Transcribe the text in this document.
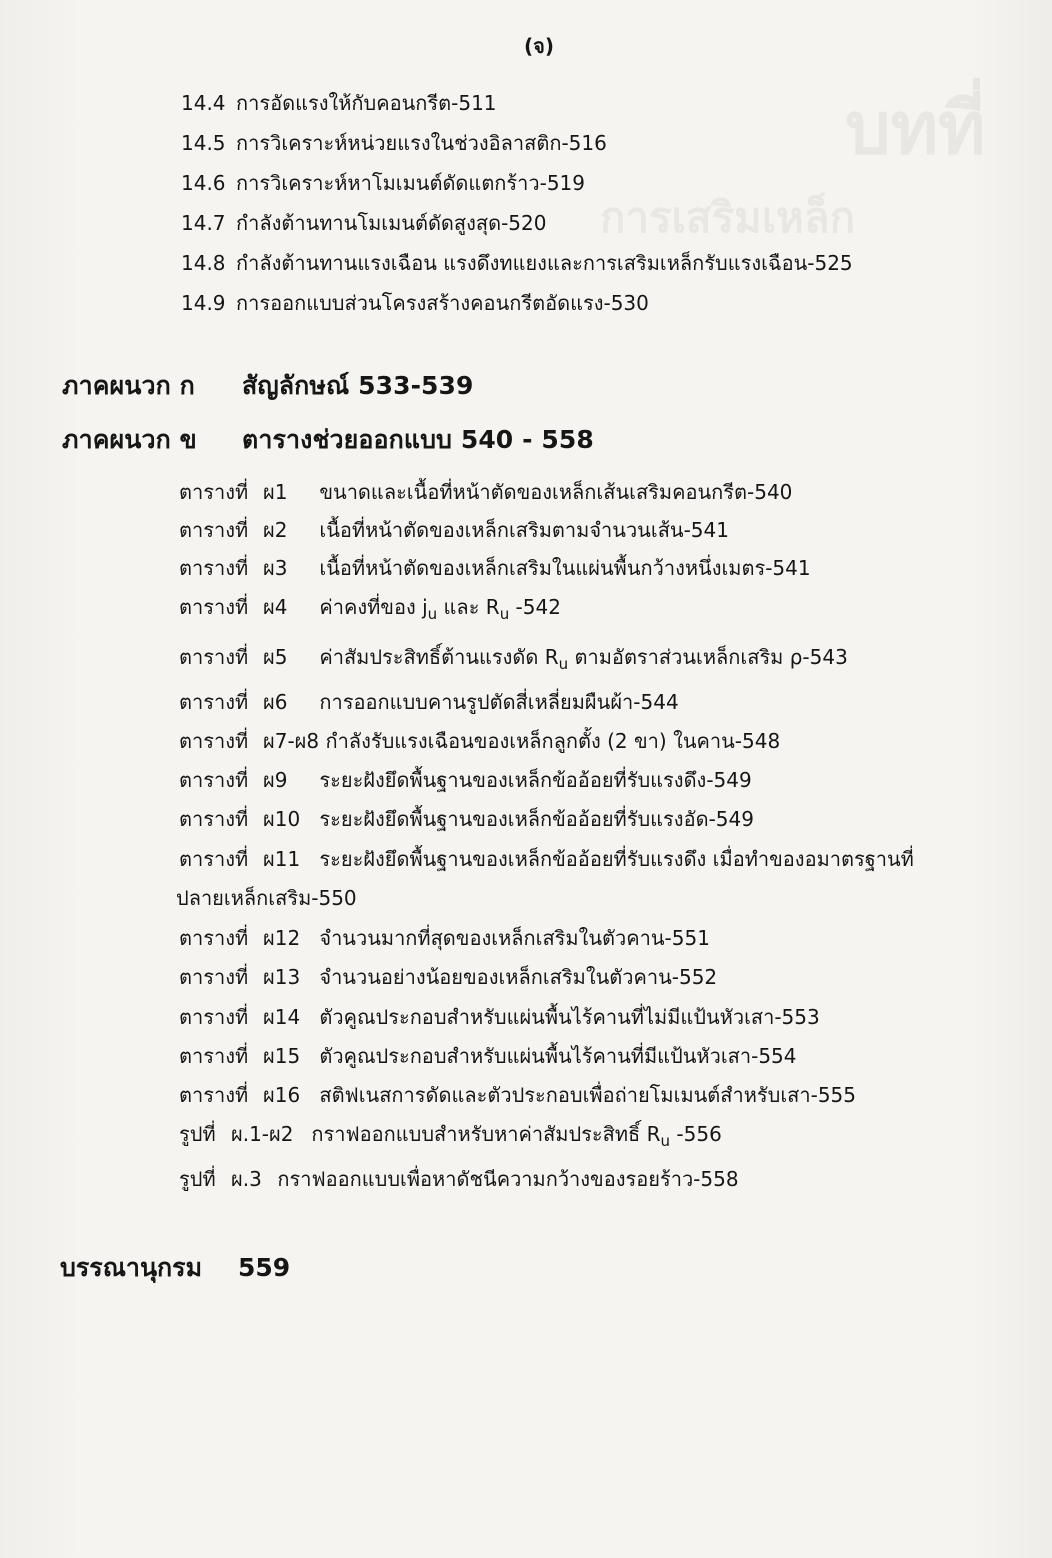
บทที่
การเสริมเหล็ก
(จ)
14.4 การอัดแรงให้กับคอนกรีต-511
14.5 การวิเคราะห์หน่วยแรงในช่วงอิลาสติก-516
14.6 การวิเคราะห์หาโมเมนต์ดัดแตกร้าว-519
14.7 กำลังต้านทานโมเมนต์ดัดสูงสุด-520
14.8 กำลังต้านทานแรงเฉือน แรงดึงทแยงและการเสริมเหล็กรับแรงเฉือน-525
14.9 การออกแบบส่วนโครงสร้างคอนกรีตอัดแรง-530
ภาคผนวก ก สัญลักษณ์ 533-539
ภาคผนวก ข ตารางช่วยออกแบบ 540 - 558
ตารางที่ ผ1 ขนาดและเนื้อที่หน้าตัดของเหล็กเส้นเสริมคอนกรีต-540
ตารางที่ ผ2 เนื้อที่หน้าตัดของเหล็กเสริมตามจำนวนเส้น-541
ตารางที่ ผ3 เนื้อที่หน้าตัดของเหล็กเสริมในแผ่นพื้นกว้างหนึ่งเมตร-541
ตารางที่ ผ4 ค่าคงที่ของ $j_u$ และ $R_u$ -542
ตารางที่ ผ5 ค่าสัมประสิทธิ์ต้านแรงดัด $R_u$ ตามอัตราส่วนเหล็กเสริม ρ-543
ตารางที่ ผ6 การออกแบบคานรูปตัดสี่เหลี่ยมผืนผ้า-544
ตารางที่ ผ7-ผ8 กำลังรับแรงเฉือนของเหล็กลูกตั้ง (2 ขา) ในคาน-548
ตารางที่ ผ9 ระยะฝังยึดพื้นฐานของเหล็กข้ออ้อยที่รับแรงดึง-549
ตารางที่ ผ10 ระยะฝังยึดพื้นฐานของเหล็กข้ออ้อยที่รับแรงอัด-549
ตารางที่ ผ11 ระยะฝังยึดพื้นฐานของเหล็กข้ออ้อยที่รับแรงดึง เมื่อทำของอมาตรฐานที่
ปลายเหล็กเสริม-550
ตารางที่ ผ12 จำนวนมากที่สุดของเหล็กเสริมในตัวคาน-551
ตารางที่ ผ13 จำนวนอย่างน้อยของเหล็กเสริมในตัวคาน-552
ตารางที่ ผ14 ตัวคูณประกอบสำหรับแผ่นพื้นไร้คานที่ไม่มีแป้นหัวเสา-553
ตารางที่ ผ15 ตัวคูณประกอบสำหรับแผ่นพื้นไร้คานที่มีแป้นหัวเสา-554
ตารางที่ ผ16 สติฟเนสการดัดและตัวประกอบเพื่อถ่ายโมเมนต์สำหรับเสา-555
รูปที่ ผ.1-ผ2 กราฟออกแบบสำหรับหาค่าสัมประสิทธิ์ $R_u$ -556
รูปที่ ผ.3 กราฟออกแบบเพื่อหาดัชนีความกว้างของรอยร้าว-558
บรรณานุกรม 559
